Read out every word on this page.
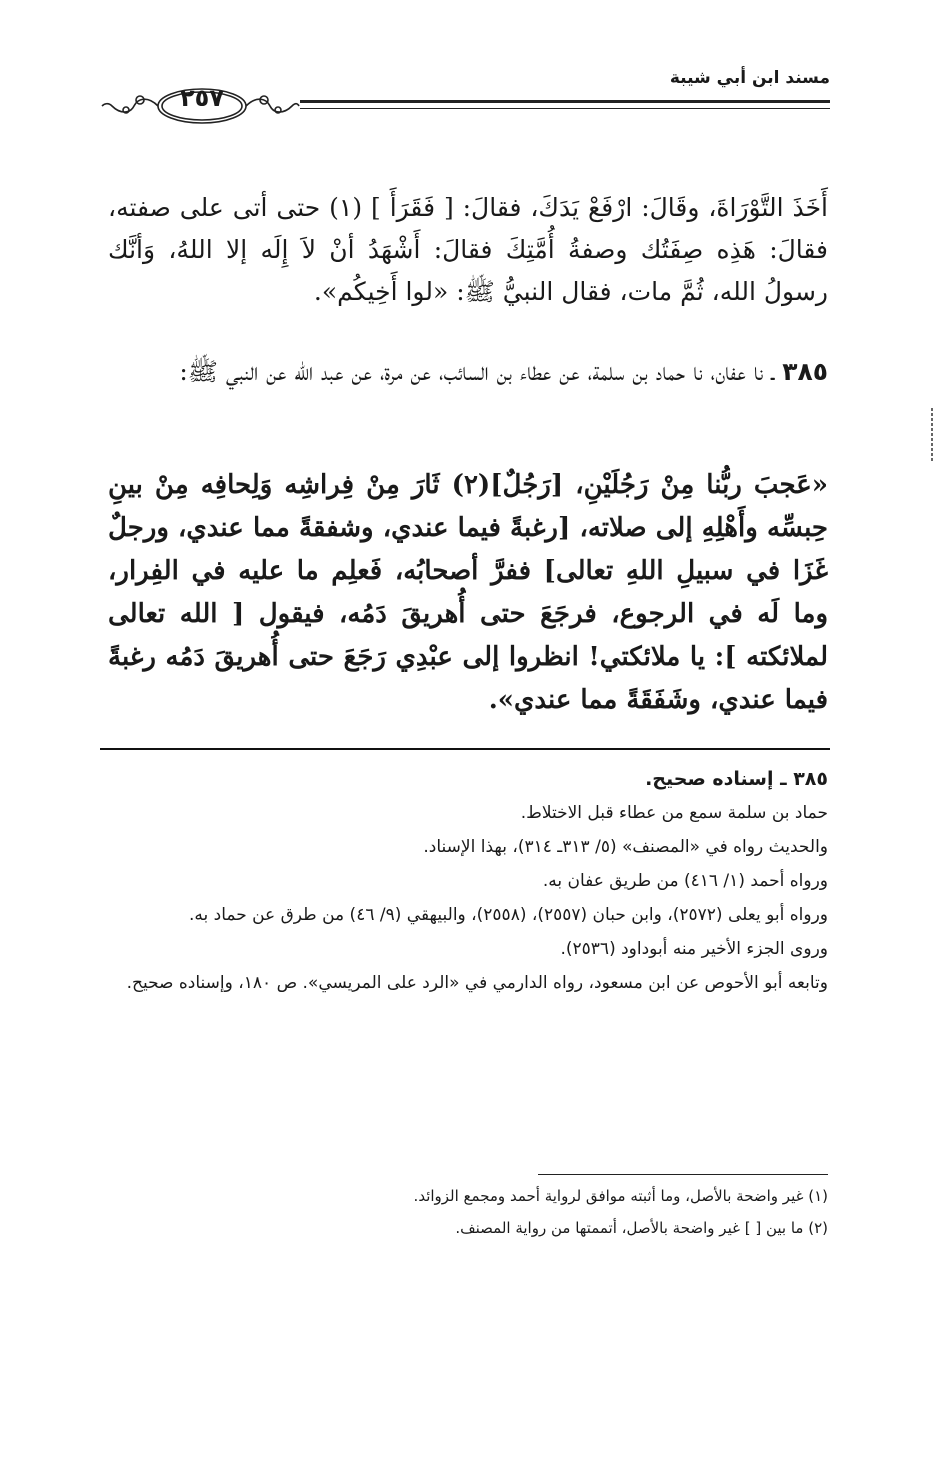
مسند ابن أبي شيبة
٢٥٧

أَخَذَ التَّوْرَاةَ، وقَالَ: ارْفَعْ يَدَكَ، فقالَ: [ فَقَرَأَ ] (١) حتى أتى على صفته، فقالَ: هَذِه صِفَتُك وصفةُ أُمَّتِكَ فقالَ: أَشْهَدُ أنْ لاَ إِلَه إلا اللهُ، وَأنَّك رسولُ الله، ثُمَّ مات، فقال النبيُّ ﷺ: «لوا أَخِيكُم».

٣٨٥ ـ نا عفان، نا حماد بن سلمة، عن عطاء بن السائب، عن مرة، عن عبد الله عن النبي ﷺ:

«عَجبَ ربُّنا مِنْ رَجُلَيْنِ، [رَجُلٌ](٢) ثَارَ مِنْ فِراشِه وَلِحافِه مِنْ بينِ حِبسِّه وأَهْلِهِ إلى صلاته، [رغبةً فيما عندي، وشفقةً مما عندي، ورجلٌ غَزَا في سبيلِ اللهِ تعالى] ففرَّ أصحابُه، فَعلِم ما عليه في الفِرار، وما لَه في الرجوع، فرجَعَ حتى أُهريقَ دَمُه، فيقول [ الله تعالى لملائكته ]: يا ملائكتي! انظروا إلى عبْدِي رَجَعَ حتى أُهريقَ دَمُه رغبةً فيما عندي، وشَفَقَةً مما عندي».

٣٨٥ ـ إسناده صحيح.
حماد بن سلمة سمع من عطاء قبل الاختلاط.
والحديث رواه في «المصنف» (٥/ ٣١٣ـ ٣١٤)، بهذا الإسناد.
ورواه أحمد (١/ ٤١٦) من طريق عفان به.
ورواه أبو يعلى (٢٥٧٢)، وابن حبان (٢٥٥٧)، (٢٥٥٨)، والبيهقي (٩/ ٤٦) من طرق عن حماد به.
وروى الجزء الأخير منه أبوداود (٢٥٣٦).
وتابعه أبو الأحوص عن ابن مسعود، رواه الدارمي في «الرد على المريسي». ص ١٨٠، وإسناده صحيح.
(١) غير واضحة بالأصل، وما أثبته موافق لرواية أحمد ومجمع الزوائد.
(٢) ما بين [ ] غير واضحة بالأصل، أتممتها من رواية المصنف.
